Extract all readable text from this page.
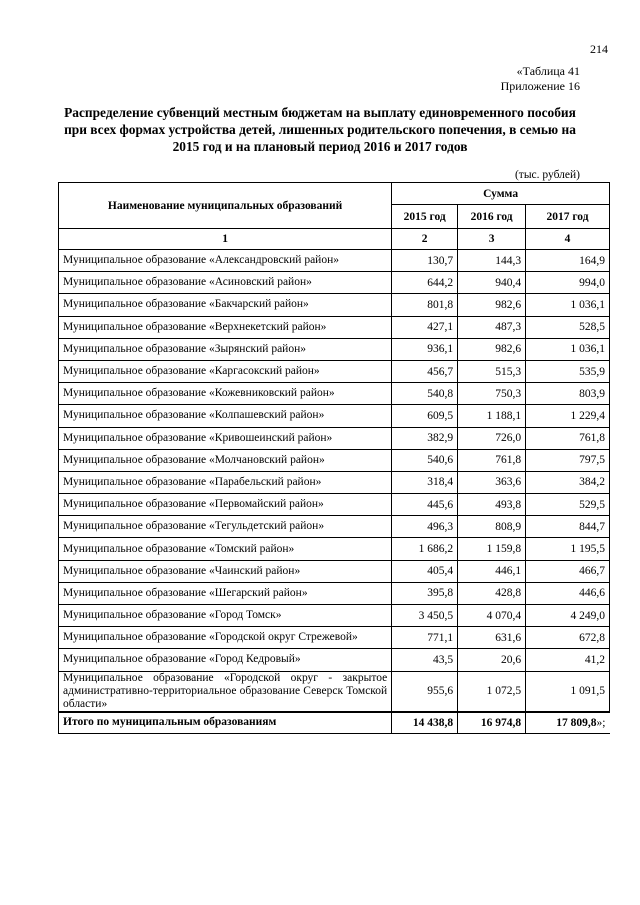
214
«Таблица 41
Приложение 16
Распределение субвенций местным бюджетам на выплату единовременного пособия при всех формах устройства детей, лишенных родительского попечения, в семью на 2015 год и на плановый период 2016 и 2017 годов
(тыс. рублей)
Наименование муниципальных образований	Сумма		
	2015 год	2016 год	2017 год
1	2	3	4
Муниципальное образование «Александровский район»	130,7	144,3	164,9
Муниципальное образование «Асиновский район»	644,2	940,4	994,0
Муниципальное образование «Бакчарский район»	801,8	982,6	1 036,1
Муниципальное образование «Верхнекетский район»	427,1	487,3	528,5
Муниципальное образование «Зырянский район»	936,1	982,6	1 036,1
Муниципальное образование «Каргасокский район»	456,7	515,3	535,9
Муниципальное образование «Кожевниковский район»	540,8	750,3	803,9
Муниципальное образование «Колпашевский район»	609,5	1 188,1	1 229,4
Муниципальное образование «Кривошеинский район»	382,9	726,0	761,8
Муниципальное образование «Молчановский район»	540,6	761,8	797,5
Муниципальное образование «Парабельский район»	318,4	363,6	384,2
Муниципальное образование «Первомайский район»	445,6	493,8	529,5
Муниципальное образование «Тегульдетский район»	496,3	808,9	844,7
Муниципальное образование «Томский район»	1 686,2	1 159,8	1 195,5
Муниципальное образование «Чаинский район»	405,4	446,1	466,7
Муниципальное образование «Шегарский район»	395,8	428,8	446,6
Муниципальное образование «Город Томск»	3 450,5	4 070,4	4 249,0
Муниципальное образование «Городской округ Стрежевой»	771,1	631,6	672,8
Муниципальное образование «Город Кедровый»	43,5	20,6	41,2
Муниципальное образование «Городской округ - закрытое административно-территориальное образование Северск Томской области»	955,6	1 072,5	1 091,5
Итого по муниципальным образованиям	14 438,8	16 974,8	17 809,8»;
